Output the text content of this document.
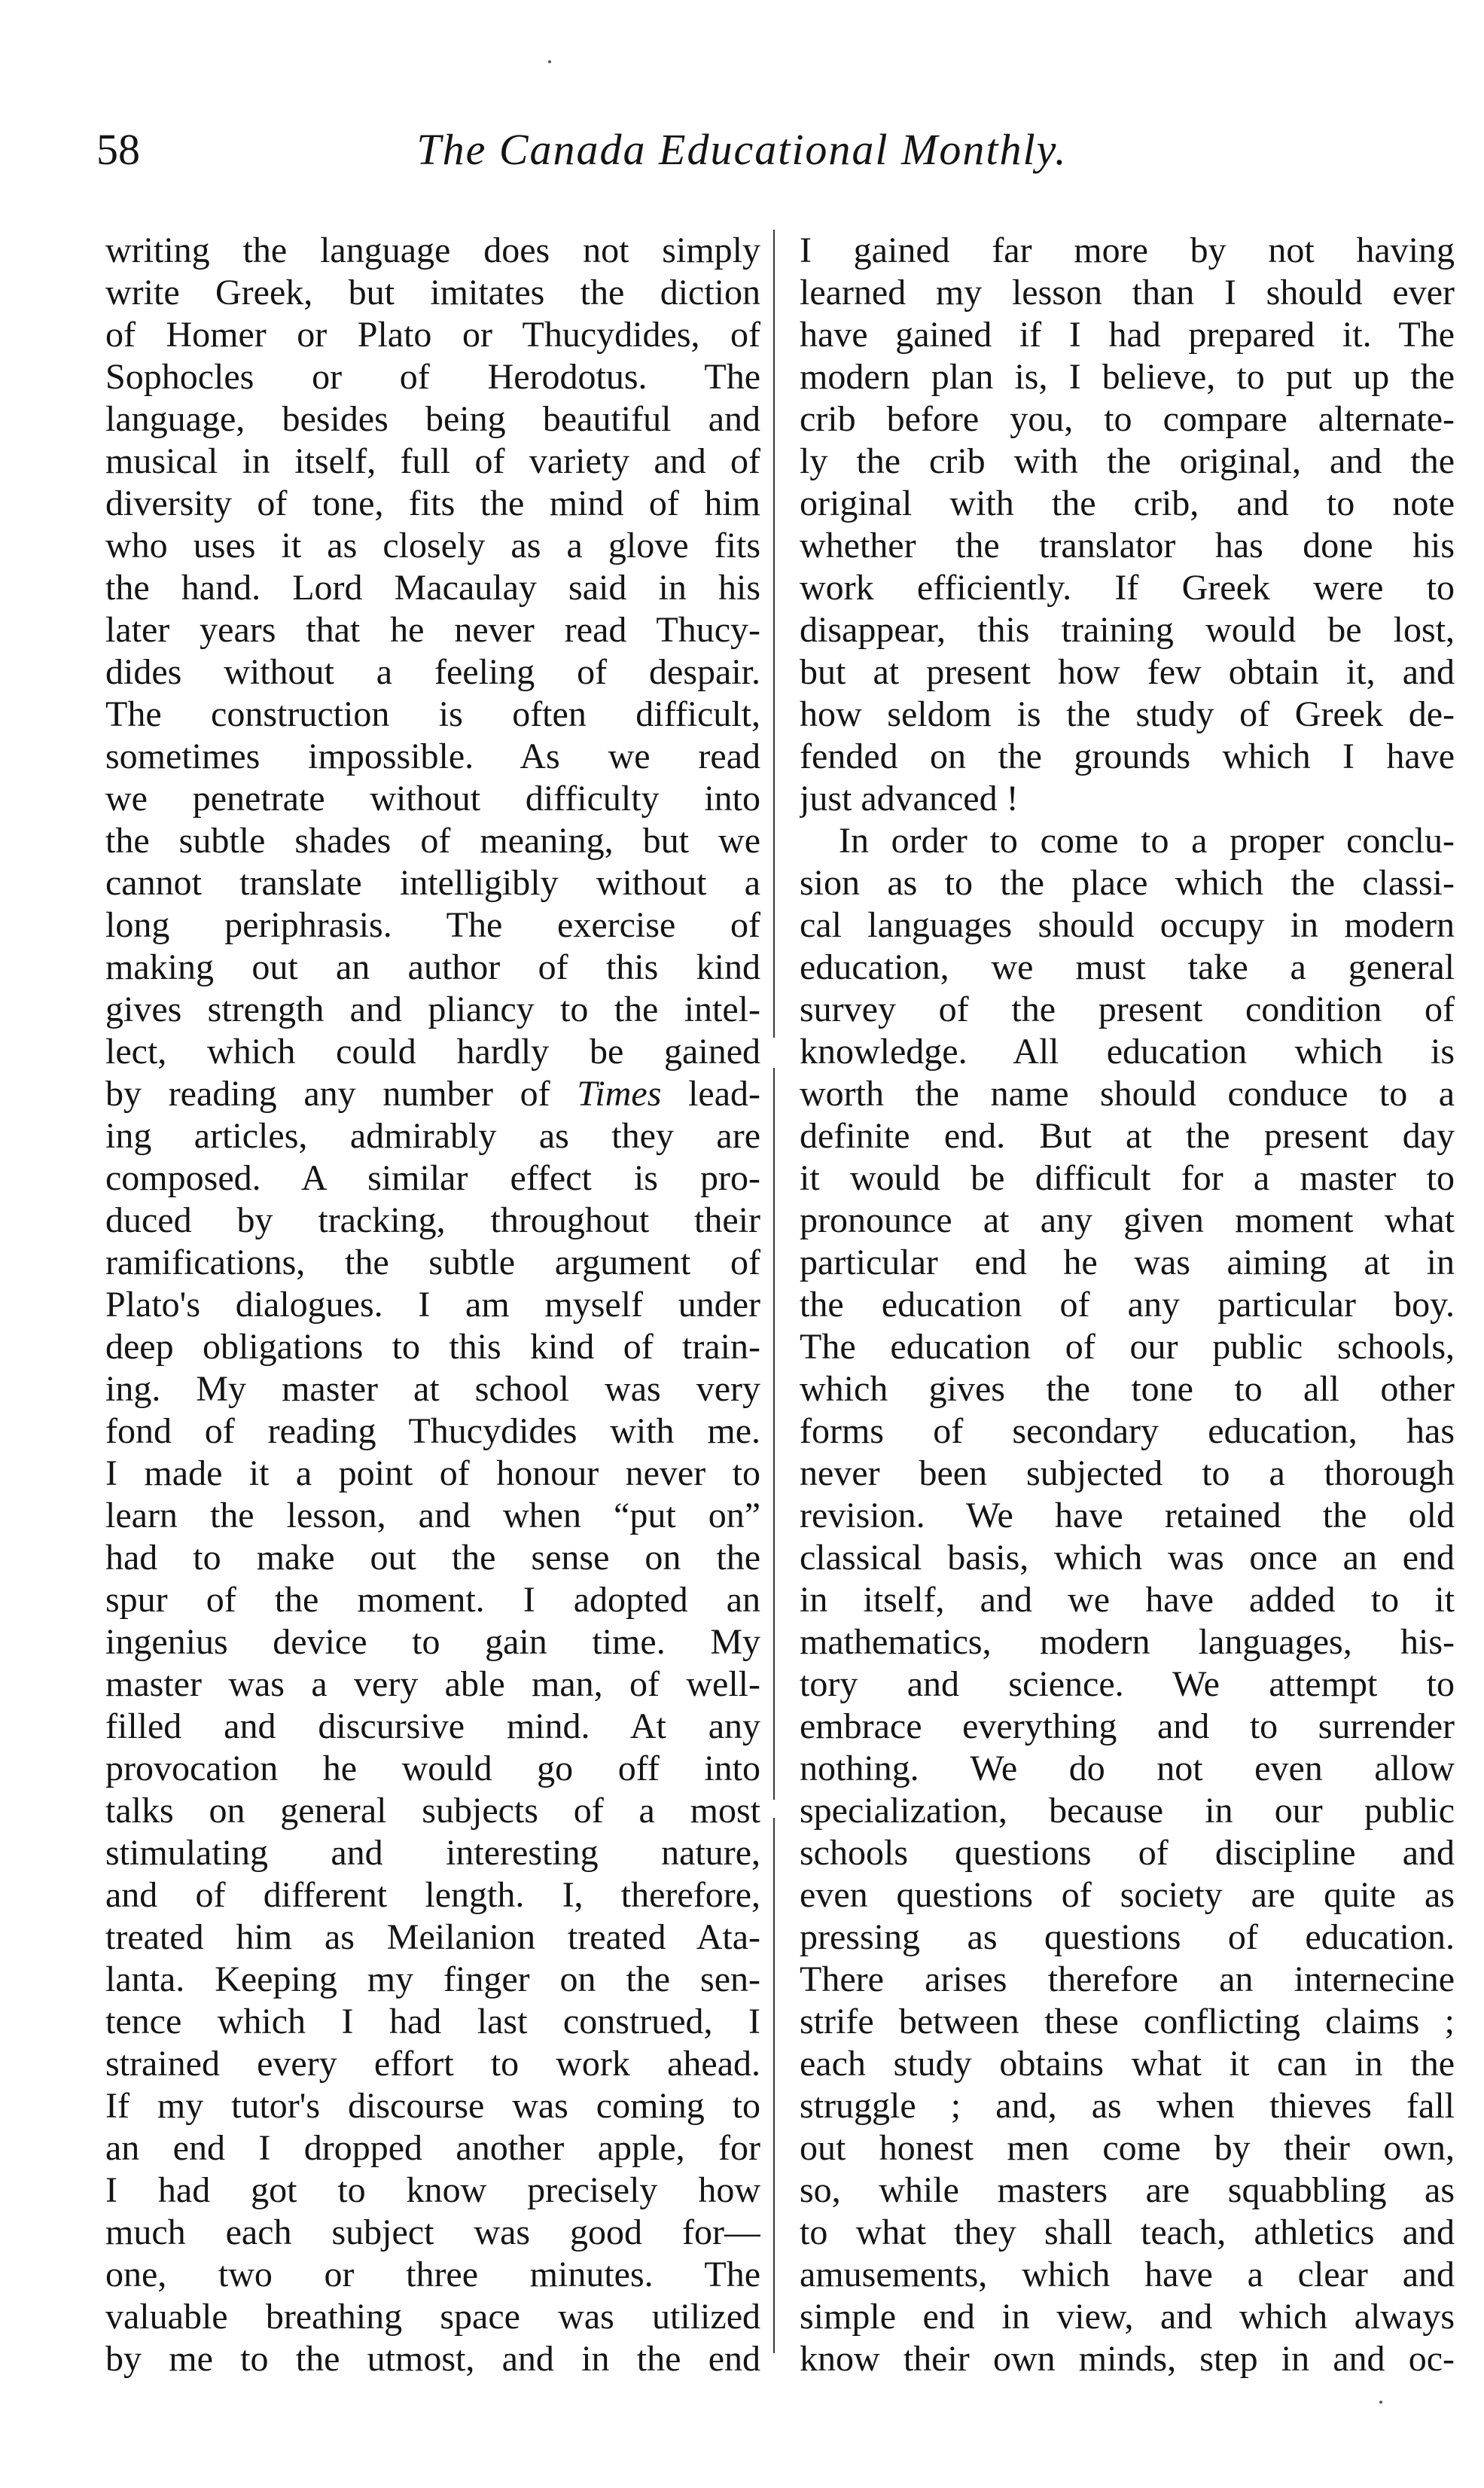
58	The Canada Educational Monthly.
writing the language does not simply
write Greek, but imitates the diction
of Homer or Plato or Thucydides, of
Sophocles or of Herodotus. The
language, besides being beautiful and
musical in itself, full of variety and of
diversity of tone, fits the mind of him
who uses it as closely as a glove fits
the hand. Lord Macaulay said in his
later years that he never read Thucy-
dides without a feeling of despair.
The construction is often difficult,
sometimes impossible. As we read
we penetrate without difficulty into
the subtle shades of meaning, but we
cannot translate intelligibly without a
long periphrasis. The exercise of
making out an author of this kind
gives strength and pliancy to the intel-
lect, which could hardly be gained
by reading any number of Times lead-
ing articles, admirably as they are
composed. A similar effect is pro-
duced by tracking, throughout their
ramifications, the subtle argument of
Plato's dialogues. I am myself under
deep obligations to this kind of train-
ing. My master at school was very
fond of reading Thucydides with me.
I made it a point of honour never to
learn the lesson, and when “put on”
had to make out the sense on the
spur of the moment. I adopted an
ingenius device to gain time. My
master was a very able man, of well-
filled and discursive mind. At any
provocation he would go off into
talks on general subjects of a most
stimulating and interesting nature,
and of different length. I, therefore,
treated him as Meilanion treated Ata-
lanta. Keeping my finger on the sen-
tence which I had last construed, I
strained every effort to work ahead.
If my tutor's discourse was coming to
an end I dropped another apple, for
I had got to know precisely how
much each subject was good for—
one, two or three minutes. The
valuable breathing space was utilized
by me to the utmost, and in the end
I gained far more by not having
learned my lesson than I should ever
have gained if I had prepared it. The
modern plan is, I believe, to put up the
crib before you, to compare alternate-
ly the crib with the original, and the
original with the crib, and to note
whether the translator has done his
work efficiently. If Greek were to
disappear, this training would be lost,
but at present how few obtain it, and
how seldom is the study of Greek de-
fended on the grounds which I have
just advanced !
In order to come to a proper conclu-
sion as to the place which the classi-
cal languages should occupy in modern
education, we must take a general
survey of the present condition of
knowledge. All education which is
worth the name should conduce to a
definite end. But at the present day
it would be difficult for a master to
pronounce at any given moment what
particular end he was aiming at in
the education of any particular boy.
The education of our public schools,
which gives the tone to all other
forms of secondary education, has
never been subjected to a thorough
revision. We have retained the old
classical basis, which was once an end
in itself, and we have added to it
mathematics, modern languages, his-
tory and science. We attempt to
embrace everything and to surrender
nothing. We do not even allow
specialization, because in our public
schools questions of discipline and
even questions of society are quite as
pressing as questions of education.
There arises therefore an internecine
strife between these conflicting claims ;
each study obtains what it can in the
struggle ; and, as when thieves fall
out honest men come by their own,
so, while masters are squabbling as
to what they shall teach, athletics and
amusements, which have a clear and
simple end in view, and which always
know their own minds, step in and oc-
